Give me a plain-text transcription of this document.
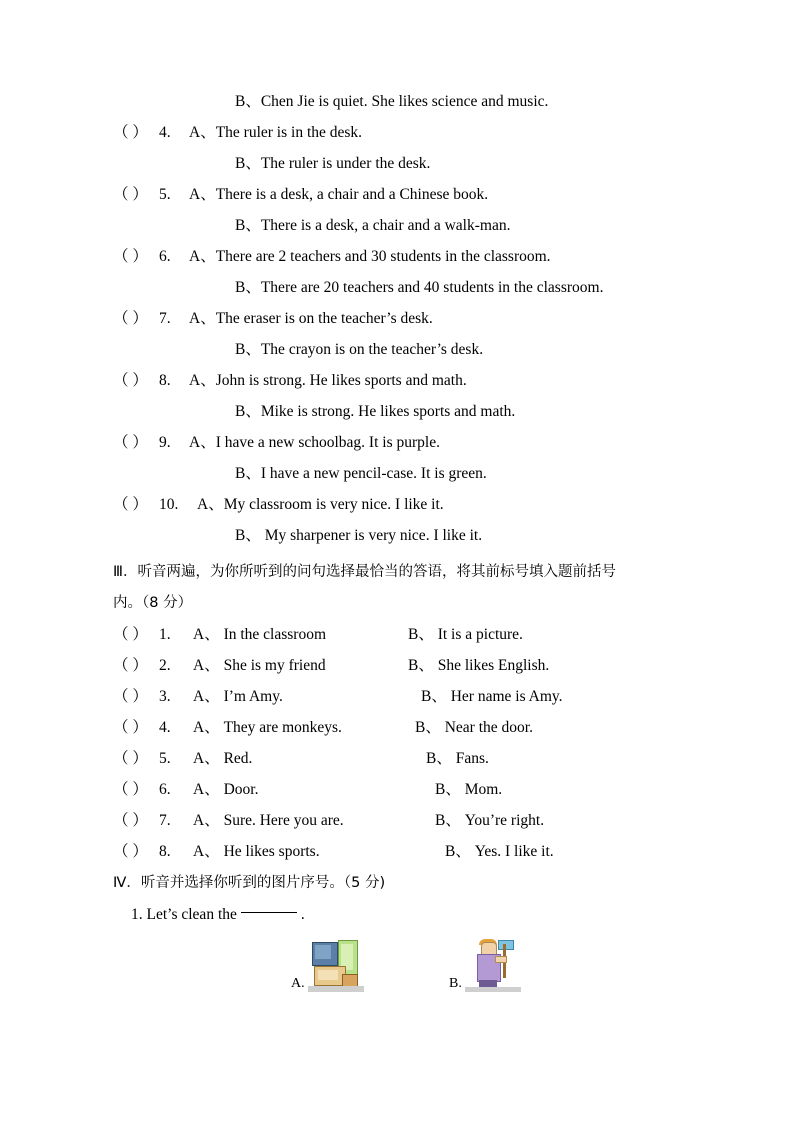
B、Chen Jie is quiet. She likes science and music.
（ ） 4.	A、The ruler is in the desk.
B、The ruler is under the desk.
（ ） 5.	A、There is a desk, a chair and a Chinese book.
B、There is a desk, a chair and a walk-man.
（ ） 6.	A、There are 2 teachers and 30 students in the classroom.
B、There are 20 teachers and 40 students in the classroom.
（ ） 7.	A、The eraser is on the teacher’s desk.
B、The crayon is on the teacher’s desk.
（ ） 8.	A、John is strong. He likes sports and math.
B、Mike is strong. He likes sports and math.
（ ） 9.	A、I have a new schoolbag. It is purple.
B、I have a new pencil-case. It is green.
（ ） 10.	A、My classroom is very nice. I like it.
B、 My sharpener is very nice. I like it.
Ⅲ．听音两遍，为你所听到的问句选择最恰当的答语，将其前标号填入题前括号
内。（8 分）
（ ） 1.	A、 In the classroom	B、 It is a picture.
（ ） 2.	A、 She is my friend	B、 She likes English.
（ ） 3.	A、 I’m Amy.	B、 Her name is Amy.
（ ） 4.	A、 They are monkeys.	B、 Near the door.
（ ） 5.	A、 Red.	B、 Fans.
（ ） 6.	A、 Door.	B、 Mom.
（ ） 7.	A、 Sure. Here you are.	B、 You’re right.
（ ） 8.	A、 He likes sports.	B、 Yes. I like it.
Ⅳ．听音并选择你听到的图片序号。（5 分)
1. Let’s clean the	.
A.	B.
